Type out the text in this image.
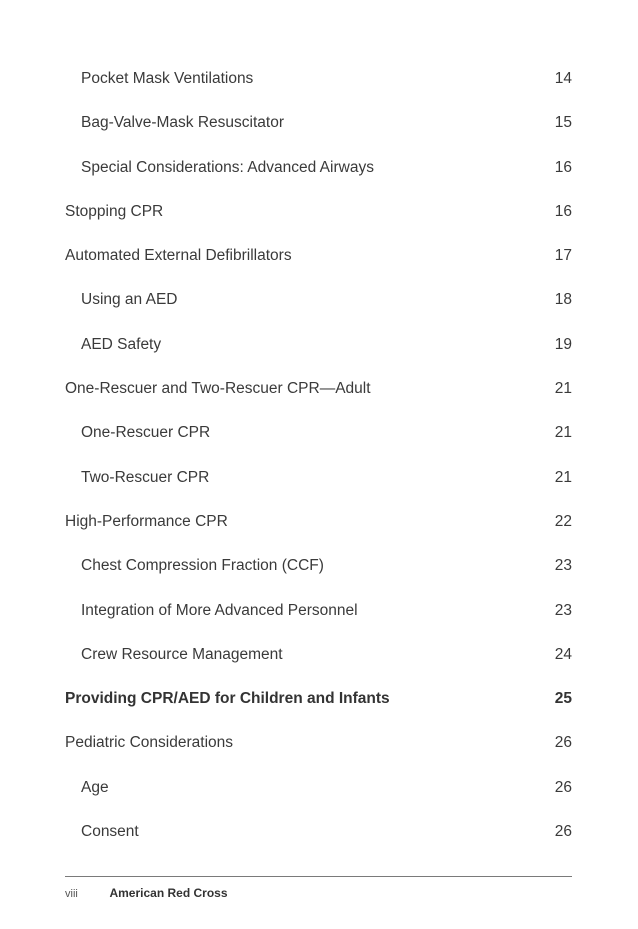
Pocket Mask Ventilations	14
Bag-Valve-Mask Resuscitator	15
Special Considerations: Advanced Airways	16
Stopping CPR	16
Automated External Defibrillators	17
Using an AED	18
AED Safety	19
One-Rescuer and Two-Rescuer CPR—Adult	21
One-Rescuer CPR	21
Two-Rescuer CPR	21
High-Performance CPR	22
Chest Compression Fraction (CCF)	23
Integration of More Advanced Personnel	23
Crew Resource Management	24
Providing CPR/AED for Children and Infants	25
Pediatric Considerations	26
Age	26
Consent	26
viii	American Red Cross
